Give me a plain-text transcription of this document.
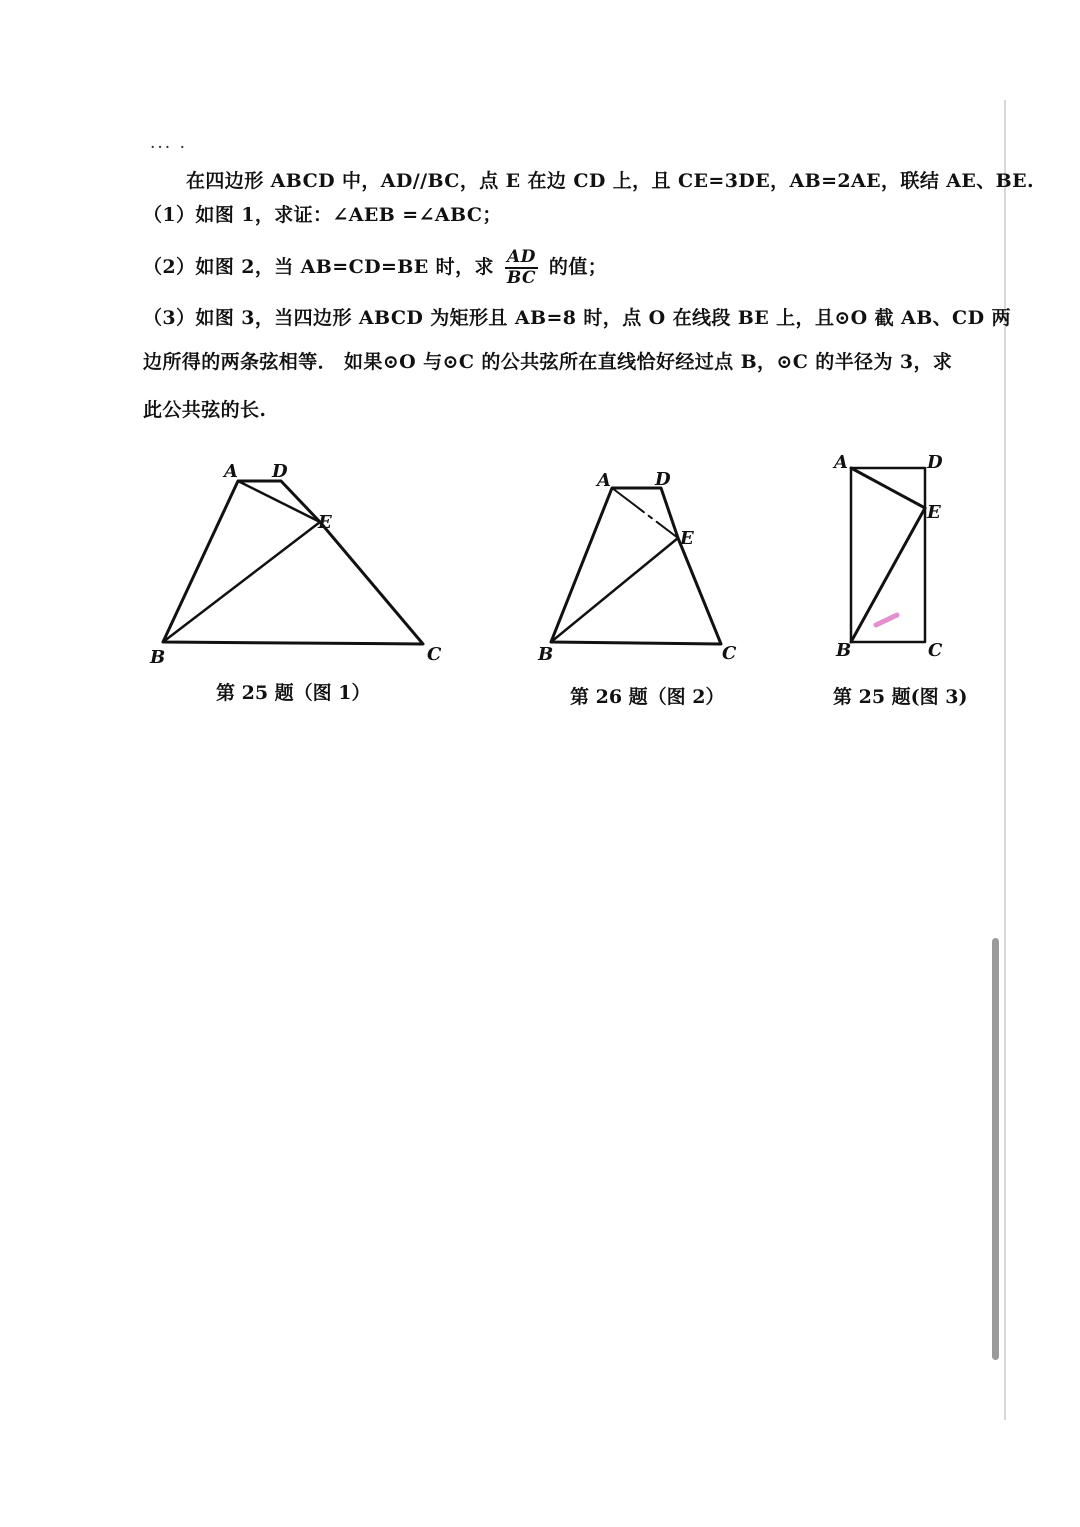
··· ·
在四边形 ABCD 中，AD//BC，点 E 在边 CD 上，且 CE=3DE，AB=2AE，联结 AE、BE.
（1）如图 1，求证：∠AEB =∠ABC；
（2）如图 2，当 AB=CD=BE 时，求 $\frac{AD}{BC}$ 的值；
（3）如图 3，当四边形 ABCD 为矩形且 AB=8 时，点 O 在线段 BE 上，且⊙O 截 AB、CD 两
边所得的两条弦相等． 如果⊙O 与⊙C 的公共弦所在直线恰好经过点 B，⊙C 的半径为 3，求
此公共弦的长.
A D
E
B	C
A D
E
B	C
A	D
E
B	C
第 25 题（图 1）	第 26 题（图 2）	第 25 题(图 3)
